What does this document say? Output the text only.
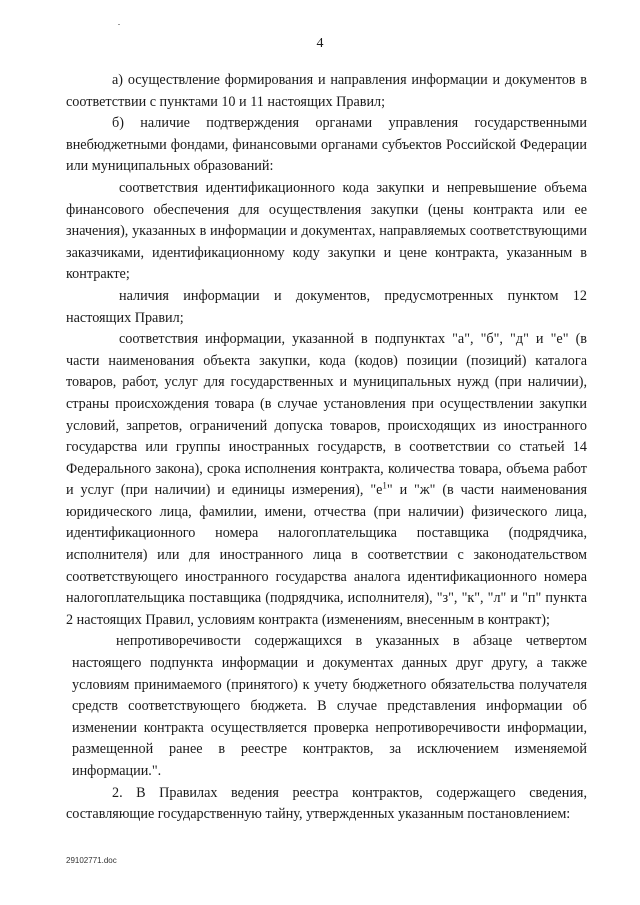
4

а) осуществление формирования и направления информации и документов в соответствии с пунктами 10 и 11 настоящих Правил;

б) наличие подтверждения органами управления государственными внебюджетными фондами, финансовыми органами субъектов Российской Федерации или муниципальных образований:

соответствия идентификационного кода закупки и непревышение объема финансового обеспечения для осуществления закупки (цены контракта или ее значения), указанных в информации и документах, направляемых соответствующими заказчиками, идентификационному коду закупки и цене контракта, указанным в контракте;

наличия информации и документов, предусмотренных пунктом 12 настоящих Правил;

соответствия информации, указанной в подпунктах "а", "б", "д" и "е" (в части наименования объекта закупки, кода (кодов) позиции (позиций) каталога товаров, работ, услуг для государственных и муниципальных нужд (при наличии), страны происхождения товара (в случае установления при осуществлении закупки условий, запретов, ограничений допуска товаров, происходящих из иностранного государства или группы иностранных государств, в соответствии со статьей 14 Федерального закона), срока исполнения контракта, количества товара, объема работ и услуг (при наличии) и единицы измерения), "$е^1$" и "ж" (в части наименования юридического лица, фамилии, имени, отчества (при наличии) физического лица, идентификационного номера налогоплательщика поставщика (подрядчика, исполнителя) или для иностранного лица в соответствии с законодательством соответствующего иностранного государства аналога идентификационного номера налогоплательщика поставщика (подрядчика, исполнителя), "з", "к", "л" и "п" пункта 2 настоящих Правил, условиям контракта (изменениям, внесенным в контракт);

непротиворечивости содержащихся в указанных в абзаце четвертом настоящего подпункта информации и документах данных друг другу, а также условиям принимаемого (принятого) к учету бюджетного обязательства получателя средств соответствующего бюджета. В случае представления информации об изменении контракта осуществляется проверка непротиворечивости информации, размещенной ранее в реестре контрактов, за исключением изменяемой информации.".

2. В Правилах ведения реестра контрактов, содержащего сведения, составляющие государственную тайну, утвержденных указанным постановлением:

29102771.doc
